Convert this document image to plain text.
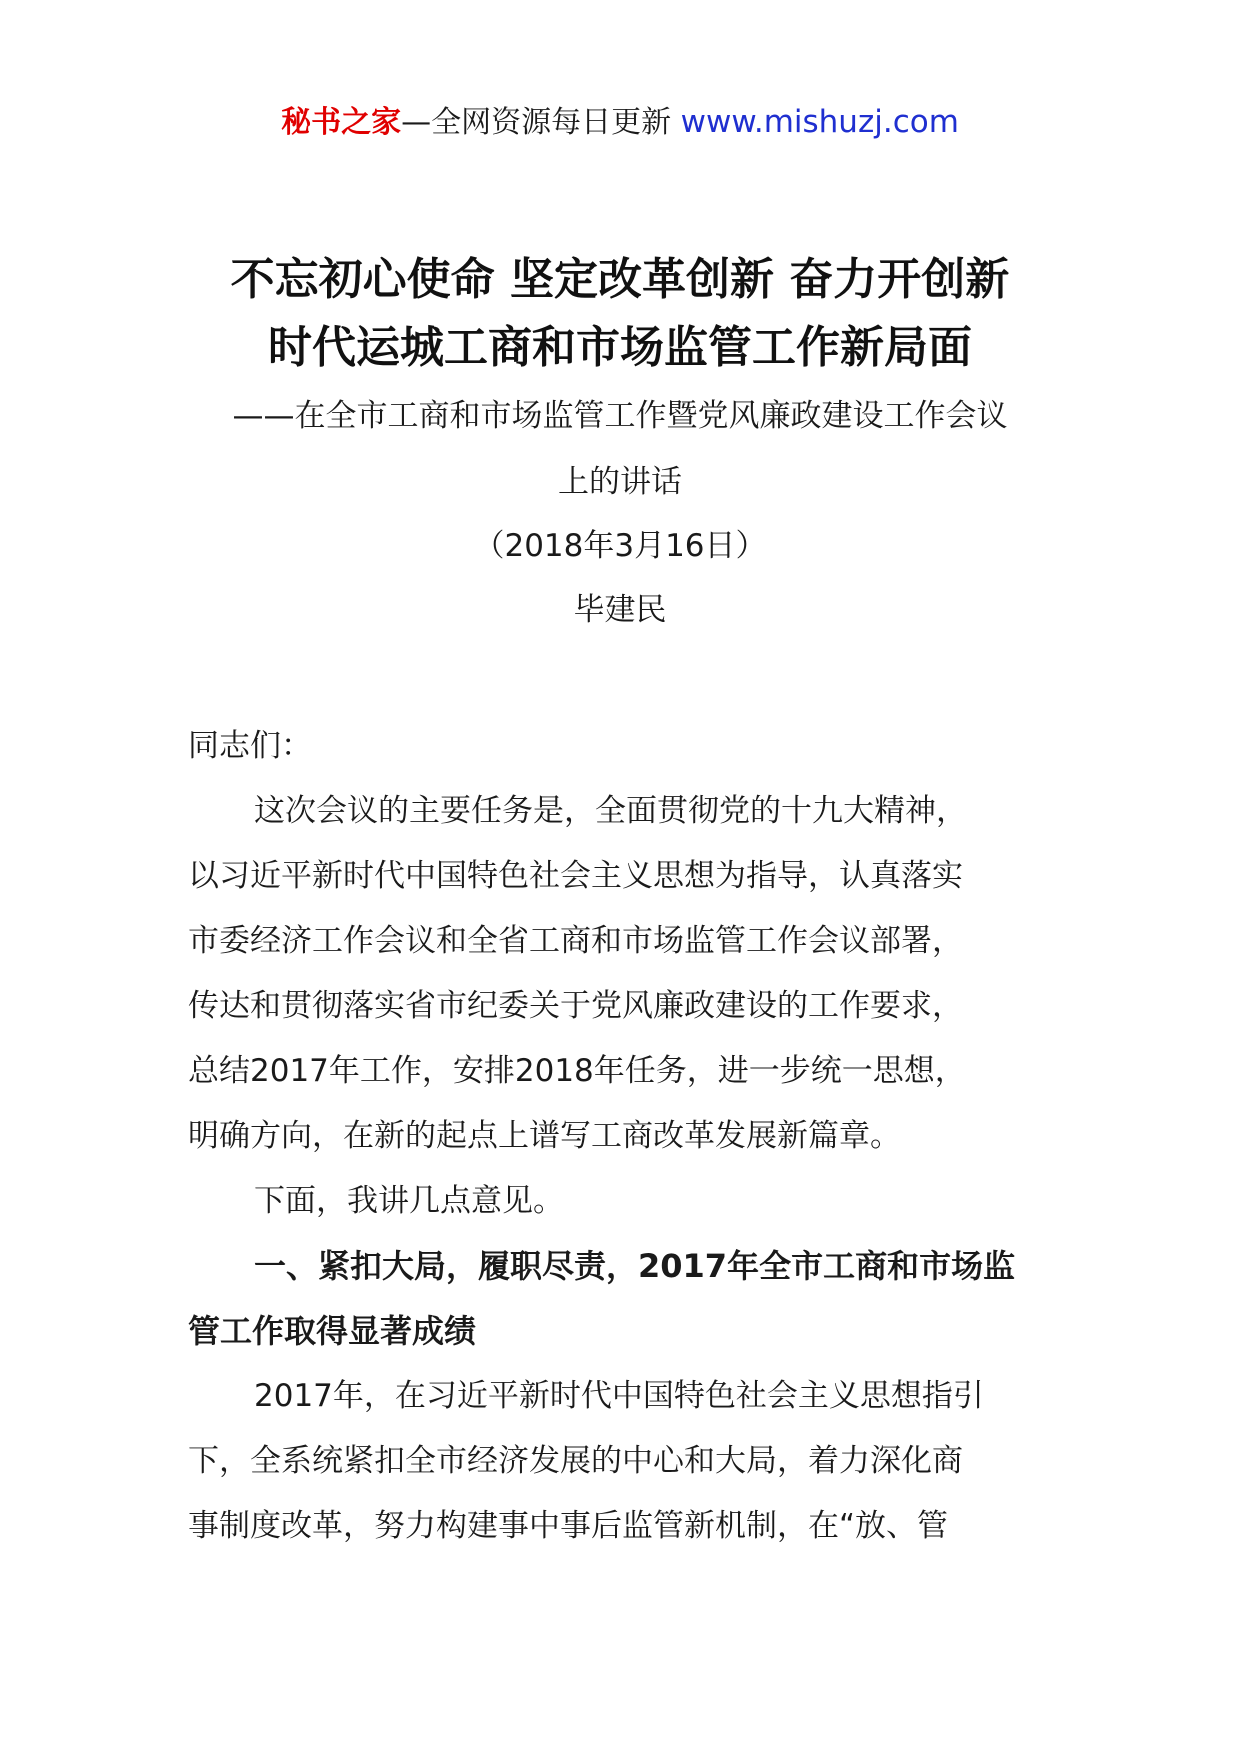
秘书之家—全网资源每日更新 www.mishuzj.com
不忘初心使命 坚定改革创新 奋力开创新
时代运城工商和市场监管工作新局面
——在全市工商和市场监管工作暨党风廉政建设工作会议
上的讲话
（2018年3月16日）
毕建民
同志们：
这次会议的主要任务是，全面贯彻党的十九大精神，
以习近平新时代中国特色社会主义思想为指导，认真落实
市委经济工作会议和全省工商和市场监管工作会议部署，
传达和贯彻落实省市纪委关于党风廉政建设的工作要求，
总结2017年工作，安排2018年任务，进一步统一思想，
明确方向，在新的起点上谱写工商改革发展新篇章。
下面，我讲几点意见。
一、紧扣大局，履职尽责，2017年全市工商和市场监
管工作取得显著成绩
2017年，在习近平新时代中国特色社会主义思想指引
下，全系统紧扣全市经济发展的中心和大局，着力深化商
事制度改革，努力构建事中事后监管新机制，在“放、管
